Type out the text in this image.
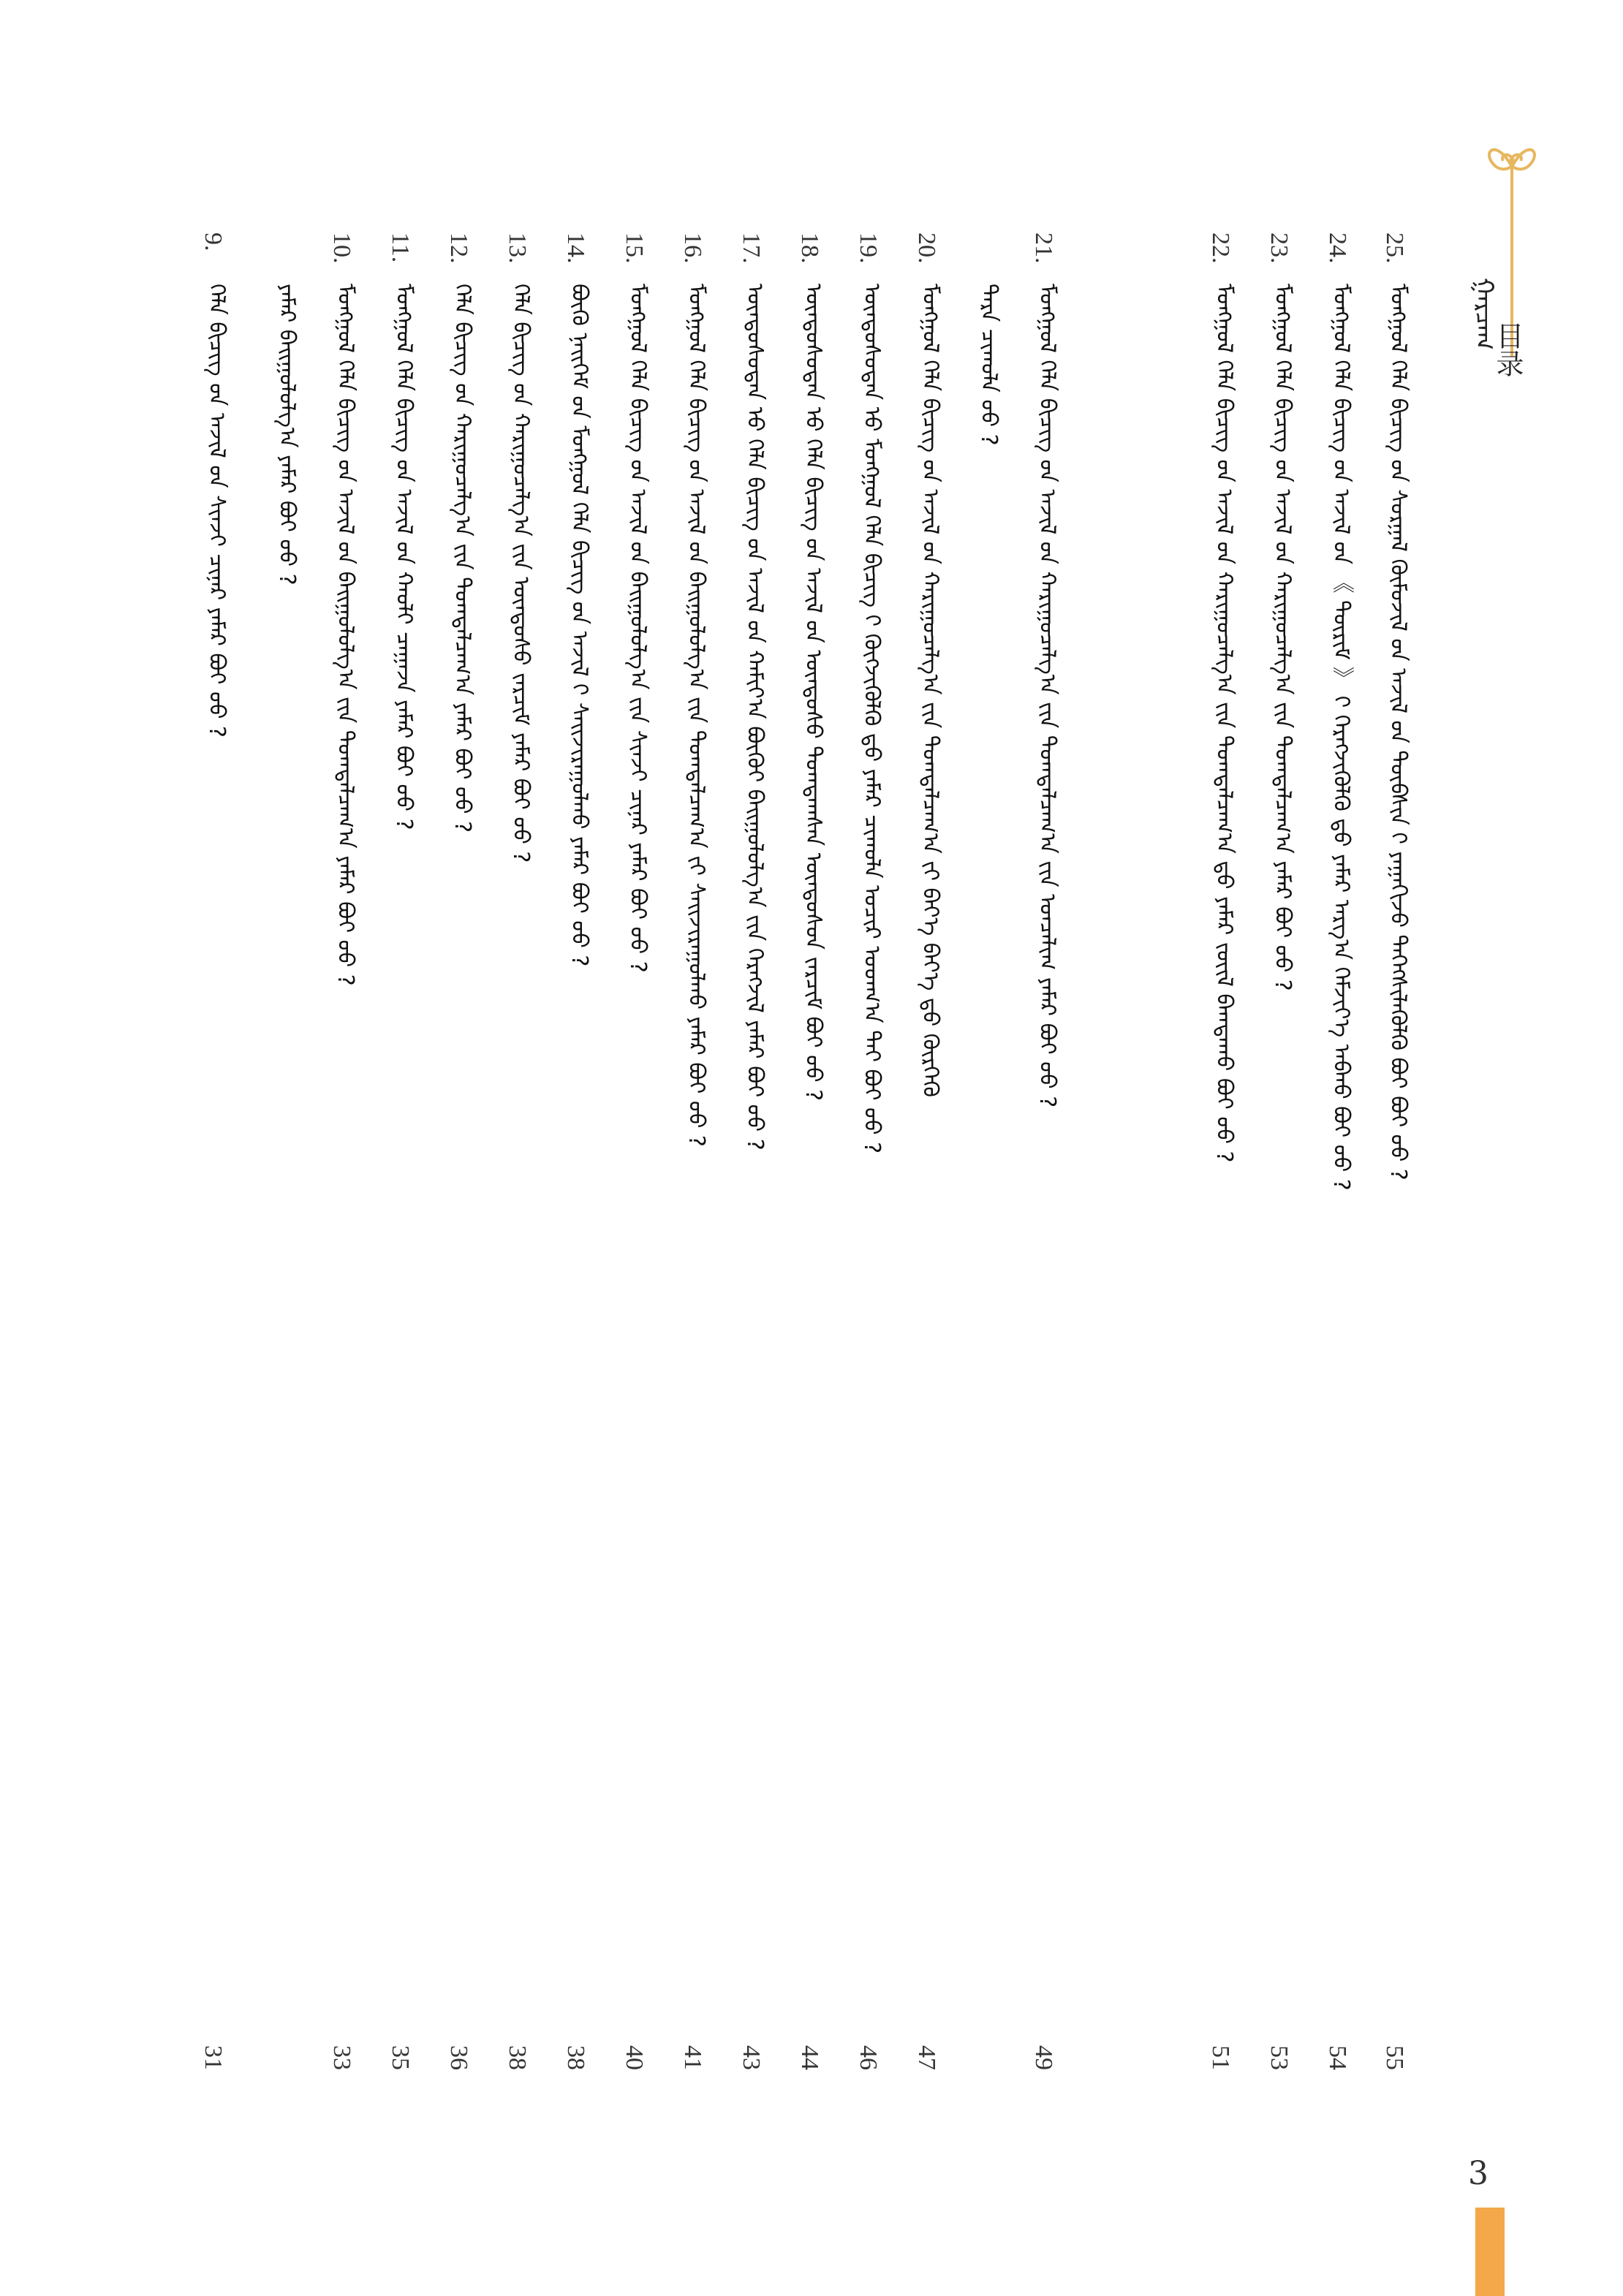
目录
ᠭᠠᠷᠴᠠᠭ
25.
ᠮᠣᠩᠭᠣᠯ ᠬᠡᠯᠡ ᠪᠢᠴᠢᠭ ᠤ᠋ᠨ ᠰᠤᠷᠭᠠᠯ ᠬᠦᠮᠦᠵᠢᠯ ᠦ᠋ᠨ ᠠᠵᠢᠯ ᠤ᠋ᠨ ᠲᠦᠪᠰᠢᠨ ᠢ᠋ ᠶᠠᠭᠠᠬᠢᠵᠤ ᠳᠡᠭᠡᠭᠰᠢᠯᠡᠭᠦᠯᠬᠦ ᠪᠤᠢ ᠪᠤᠢ ᠦᠦ ?
55
24.
ᠮᠣᠩᠭᠣᠯ ᠬᠡᠯᠡ ᠪᠢᠴᠢᠭ ᠤ᠋ᠨ ᠠᠵᠢᠯ ᠤ᠋ᠨ 《 ᠳᠦᠷᠢᠮ 》 ᠢ᠋ ᠬᠡᠷᠡᠭᠵᠢᠭᠦᠯᠬᠦ ᠳ᠋ᠤ᠌ ᠶᠠᠮᠠᠷ ᠠᠷᠭ᠎ᠠ ᠬᠡᠮᠵᠢᠶ᠎ᠡ ᠠᠪᠬᠤ ᠪᠤᠢ ᠦᠦ ?
54
23.
ᠮᠣᠩᠭᠣᠯ ᠬᠡᠯᠡ ᠪᠢᠴᠢᠭ ᠤ᠋ᠨ ᠠᠵᠢᠯ ᠤ᠋ᠨ ᠬᠠᠷᠢᠭᠤᠴᠠᠯᠭ᠎ᠠ ᠶ᠋ᠢᠨ ᠲᠣᠭᠲᠠᠯᠴᠠᠭ᠎ᠠ ᠶᠠᠮᠠᠷ ᠪᠤᠢ ᠦᠦ ?
53
22.
ᠮᠣᠩᠭᠣᠯ ᠬᠡᠯᠡ ᠪᠢᠴᠢᠭ ᠤ᠋ᠨ ᠠᠵᠢᠯ ᠤ᠋ᠨ ᠬᠠᠷᠢᠭᠤᠴᠠᠯᠭ᠎ᠠ ᠶ᠋ᠢᠨ ᠲᠣᠭᠲᠠᠯᠴᠠᠭ᠎ᠠ ᠳ᠋ᠤ᠌ ᠶᠠᠮᠠᠷ ᠵᠦᠢᠯ ᠪᠠᠭᠳᠠᠬᠤ ᠪᠤᠢ ᠦᠦ ?
51
21.
ᠮᠣᠩᠭᠣᠯ ᠬᠡᠯᠡ ᠪᠢᠴᠢᠭ ᠤ᠋ᠨ ᠠᠵᠢᠯ ᠤ᠋ᠨ ᠬᠠᠷᠢᠭᠤᠴᠠᠯᠭ᠎ᠠ ᠶ᠋ᠢᠨ ᠲᠣᠭᠲᠠᠯᠴᠠᠭ᠎ᠠ ᠶ᠋ᠢᠨ ᠣᠨᠴᠠᠯᠢᠭ ᠶᠠᠮᠠᠷ ᠪᠤᠢ ᠦᠦ ?
49
ᠲᠡᠷᠡ ᠴᠢᠬᠤᠯᠠ ᠦᠦ ?
20.
ᠮᠣᠩᠭᠣᠯ ᠬᠡᠯᠡ ᠪᠢᠴᠢᠭ ᠤ᠋ᠨ ᠠᠵᠢᠯ ᠤ᠋ᠨ ᠬᠠᠷᠢᠭᠤᠴᠠᠯᠭ᠎ᠠ ᠶ᠋ᠢᠨ ᠲᠣᠭᠲᠠᠯᠴᠠᠭ᠎ᠠ ᠶ᠋ᠢ ᠪᠡᠶ᠎ᠡ ᠪᠡᠶ᠎ᠡ ᠳ᠋ᠤ᠌ ᠬᠦᠷᠭᠡᠬᠦ
47
19.
ᠦᠨᠳᠦᠰᠦᠲᠡᠨ ᠦ᠋ ᠮᠣᠩᠭᠣᠯ ᠬᠡᠯᠡ ᠪᠢᠴᠢᠭ ᠢ᠋ ᠬᠥᠭᠵᠢᠭᠦᠯᠬᠦ ᠳ᠋ᠤ᠌ ᠶᠠᠮᠠᠷ ᠴᠢᠬᠤᠯᠠ ᠤᠴᠢᠷ ᠤᠳᠬ᠎ᠠ ᠲᠠᠢ ᠪᠤᠢ ᠦᠦ ?
46
18.
ᠦᠨᠳᠦᠰᠦᠲᠡᠨ ᠦ᠋ ᠬᠡᠯᠡ ᠪᠢᠴᠢᠭ ᠤ᠋ᠨ ᠠᠵᠢᠯ ᠤ᠋ᠨ ᠦᠨᠳᠦᠰᠦ ᠲᠣᠭᠲᠠᠭᠰᠠᠨ ᠦᠨᠳᠦᠰᠦᠨ ᠵᠠᠷᠴᠢᠮ ᠪᠤᠢ ᠦᠦ ?
44
17.
ᠦᠨᠳᠦᠰᠦᠲᠡᠨ ᠦ᠋ ᠬᠡᠯᠡ ᠪᠢᠴᠢᠭ ᠤ᠋ᠨ ᠠᠵᠢᠯ ᠤ᠋ᠨ ᠬᠠᠮᠢᠶ᠎ᠠ ᠪᠦᠬᠦᠢ ᠪᠠᠢᠭᠤᠯᠤᠯᠭ᠎ᠠ ᠶ᠋ᠢᠨ ᠬᠡᠷᠡᠭᠵᠢᠯ ᠶᠠᠮᠠᠷ ᠪᠤᠢ ᠦᠦ ?
43
16.
ᠮᠣᠩᠭᠣᠯ ᠬᠡᠯᠡ ᠪᠢᠴᠢᠭ ᠤ᠋ᠨ ᠠᠵᠢᠯ ᠤ᠋ᠨ ᠪᠠᠢᠭᠤᠯᠤᠯᠭ᠎ᠠ ᠶ᠋ᠢᠨ ᠲᠣᠭᠲᠠᠯᠴᠠᠭ᠎ᠠ ᠶ᠋ᠢ ᠰᠠᠢᠵᠢᠷᠠᠭᠤᠯᠬᠤ ᠶᠠᠮᠠᠷ ᠪᠤᠢ ᠦᠦ ?
41
15.
ᠮᠣᠩᠭᠣᠯ ᠬᠡᠯᠡ ᠪᠢᠴᠢᠭ ᠤ᠋ᠨ ᠠᠵᠢᠯ ᠤ᠋ᠨ ᠪᠠᠢᠭᠤᠯᠤᠯᠭ᠎ᠠ ᠶ᠋ᠢᠨ ᠰᠢᠨᠵᠢ ᠴᠢᠨᠠᠷ ᠶᠠᠮᠠᠷ ᠪᠤᠢ ᠦᠦ ?
40
14.
ᠪᠦᠬᠦ ᠨᠡᠢᠭᠡᠮ ᠦ᠋ᠨ ᠮᠣᠩᠭᠣᠯ ᠬᠡᠯᠡ ᠪᠢᠴᠢᠭ ᠤ᠋ᠨ ᠠᠵᠢᠯ ᠢ᠋ ᠰᠠᠢᠵᠢᠷᠠᠭᠤᠯᠬᠤ ᠶᠠᠮᠠᠷ ᠪᠤᠢ ᠦᠦ ?
38
13.
ᠬᠡᠯᠡ ᠪᠢᠴᠢᠭ ᠤ᠋ᠨ ᠬᠠᠷᠢᠭᠤᠴᠠᠯᠭ᠎ᠠ ᠶ᠋ᠢᠨ ᠦᠨᠳᠦᠰᠦ ᠵᠠᠷᠴᠢᠮ ᠶᠠᠮᠠᠷ ᠪᠤᠢ ᠦᠦ ?
38
12.
ᠬᠡᠯᠡ ᠪᠢᠴᠢᠭ ᠤ᠋ᠨ ᠬᠠᠷᠢᠭᠤᠴᠠᠯᠭ᠎ᠠ ᠶ᠋ᠢᠨ ᠲᠣᠭᠲᠠᠯᠴᠠᠭ᠎ᠠ ᠶᠠᠮᠠᠷ ᠪᠤᠢ ᠦᠦ ?
36
11.
ᠮᠣᠩᠭᠣᠯ ᠬᠡᠯᠡ ᠪᠢᠴᠢᠭ ᠤ᠋ᠨ ᠠᠵᠢᠯ ᠤ᠋ᠨ ᠬᠠᠤᠯᠢ ᠴᠠᠭᠠᠵᠠ ᠶᠠᠮᠠᠷ ᠪᠤᠢ ᠦᠦ ?
35
10.
ᠮᠣᠩᠭᠣᠯ ᠬᠡᠯᠡ ᠪᠢᠴᠢᠭ ᠤ᠋ᠨ ᠠᠵᠢᠯ ᠤ᠋ᠨ ᠪᠠᠢᠭᠤᠯᠤᠯᠭ᠎ᠠ ᠶ᠋ᠢᠨ ᠲᠣᠭᠲᠠᠯᠴᠠᠭ᠎ᠠ ᠶᠠᠮᠠᠷ ᠪᠤᠢ ᠦᠦ ?
33
ᠶᠠᠮᠠᠷ ᠪᠠᠢᠭᠤᠯᠤᠯᠭ᠎ᠠ ᠶᠠᠮᠠᠷ ᠪᠤᠢ ᠦᠦ ?
9.
ᠬᠡᠯᠡ ᠪᠢᠴᠢᠭ ᠤ᠋ᠨ ᠠᠵᠢᠯ ᠤ᠋ᠨ ᠰᠢᠨᠵᠢ ᠴᠢᠨᠠᠷ ᠶᠠᠮᠠᠷ ᠪᠤᠢ ᠦᠦ ?
31
3
